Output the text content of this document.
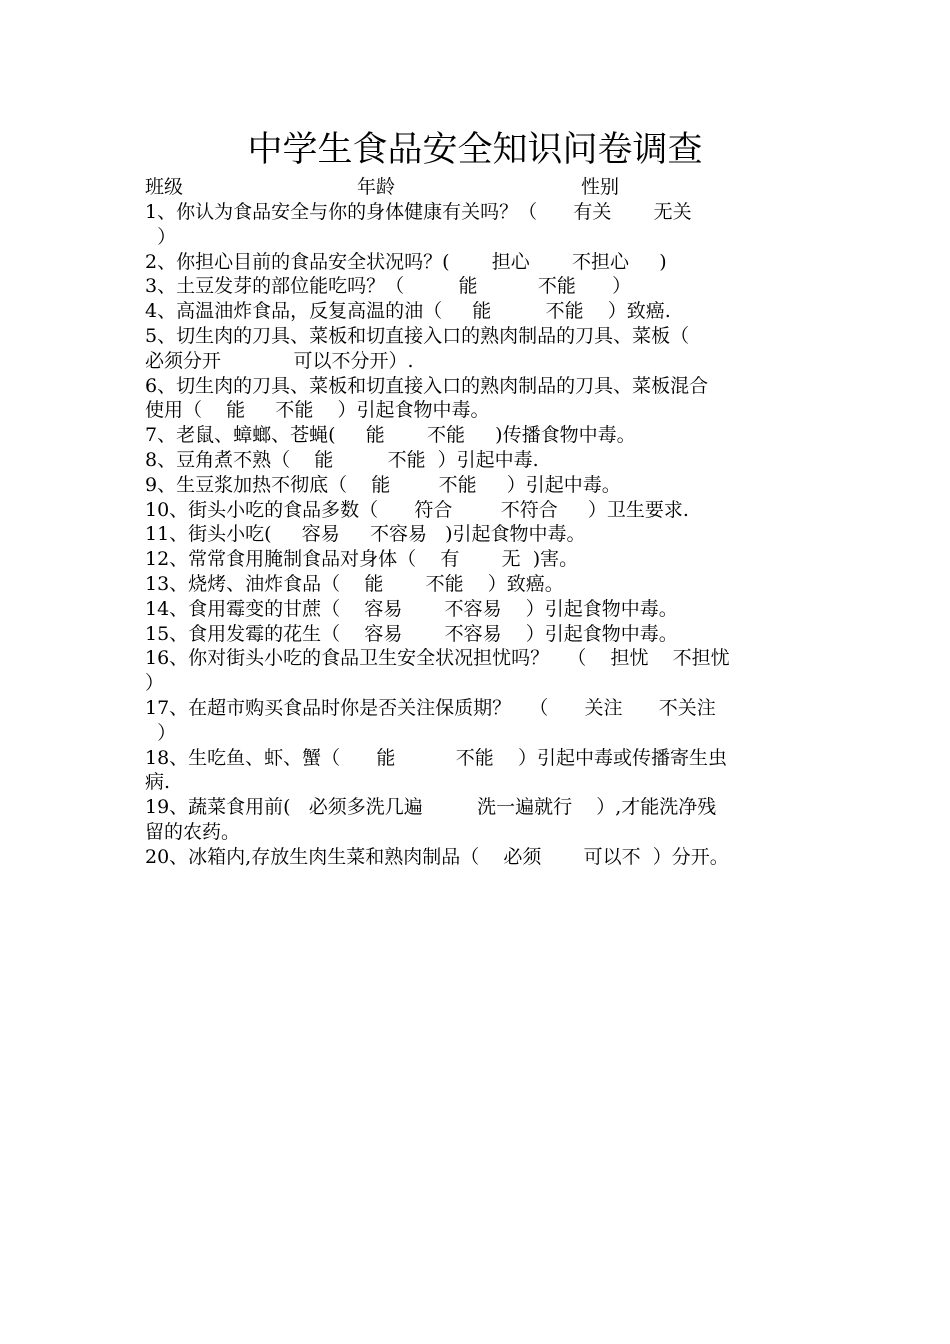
中学生食品安全知识问卷调查
班级	年龄	性别
1、你认为食品安全与你的身体健康有关吗？（      有关       无关
）
2、你担心目前的食品安全状况吗？(       担心       不担心     )
3、土豆发芽的部位能吃吗？（         能          不能      ）
4、高温油炸食品，反复高温的油（     能         不能    ）致癌.
5、切生肉的刀具、菜板和切直接入口的熟肉制品的刀具、菜板（
必须分开            可以不分开）.
6、切生肉的刀具、菜板和切直接入口的熟肉制品的刀具、菜板混合
使用（    能     不能    ）引起食物中毒。
7、老鼠、蟑螂、苍蝇(     能       不能     )传播食物中毒。
8、豆角煮不熟（    能         不能  ）引起中毒.
9、生豆浆加热不彻底（    能        不能     ）引起中毒。
10、街头小吃的食品多数（      符合        不符合     ）卫生要求.
11、街头小吃(     容易     不容易   )引起食物中毒。
12、常常食用腌制食品对身体（    有       无  )害。
13、烧烤、油炸食品（    能       不能    ）致癌。
14、食用霉变的甘蔗（    容易       不容易    ）引起食物中毒。
15、食用发霉的花生（    容易       不容易    ）引起食物中毒。
16、你对街头小吃的食品卫生安全状况担忧吗？   （    担忧    不担忧
）
17、在超市购买食品时你是否关注保质期？   （      关注      不关注
）
18、生吃鱼、虾、蟹（      能          不能    ）引起中毒或传播寄生虫
病.
19、蔬菜食用前(   必须多洗几遍         洗一遍就行    ）,才能洗净残
留的农药。
20、冰箱内,存放生肉生菜和熟肉制品（    必须       可以不  ）分开。
